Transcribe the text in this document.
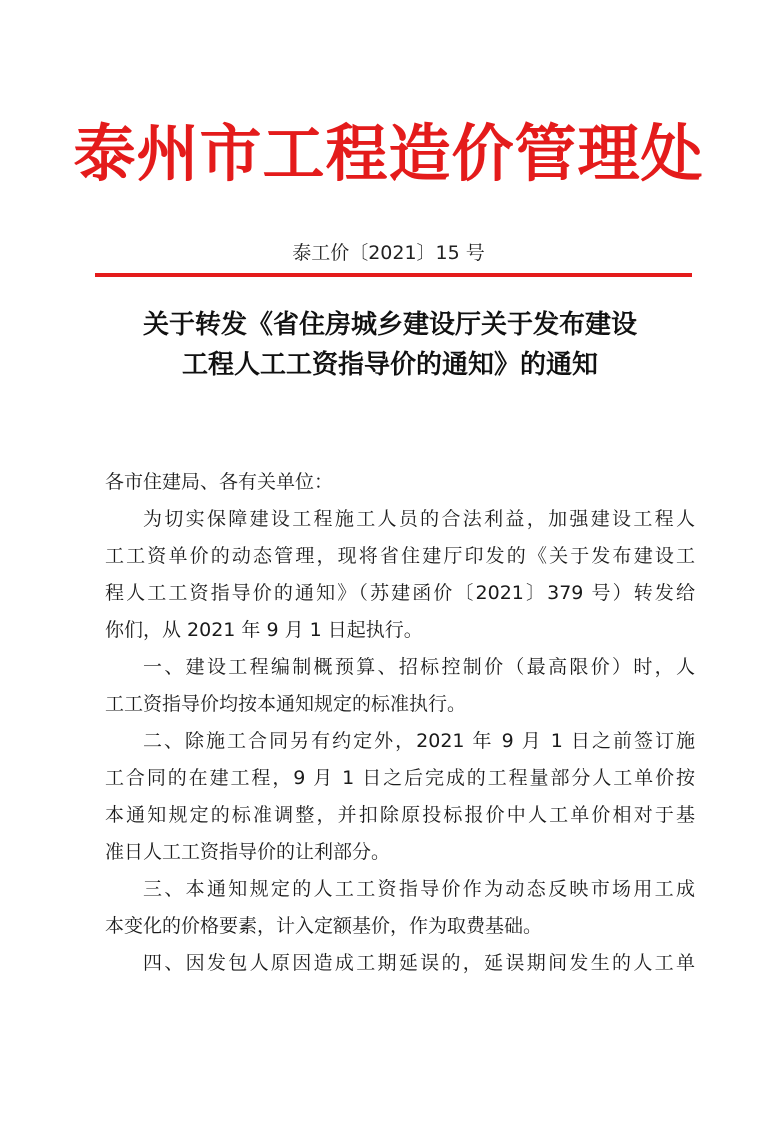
泰州市工程造价管理处
泰工价〔2021〕15 号
关于转发《省住房城乡建设厅关于发布建设
工程人工工资指导价的通知》的通知
各市住建局、各有关单位：
为切实保障建设工程施工人员的合法利益，加强建设工程人
工工资单价的动态管理，现将省住建厅印发的《关于发布建设工
程人工工资指导价的通知》（苏建函价〔2021〕379 号）转发给
你们，从 2021 年 9 月 1 日起执行。
一、建设工程编制概预算、招标控制价（最高限价）时，人
工工资指导价均按本通知规定的标准执行。
二、除施工合同另有约定外，2021 年 9 月 1 日之前签订施
工合同的在建工程，9 月 1 日之后完成的工程量部分人工单价按
本通知规定的标准调整，并扣除原投标报价中人工单价相对于基
准日人工工资指导价的让利部分。
三、本通知规定的人工工资指导价作为动态反映市场用工成
本变化的价格要素，计入定额基价，作为取费基础。
四、因发包人原因造成工期延误的，延误期间发生的人工单
